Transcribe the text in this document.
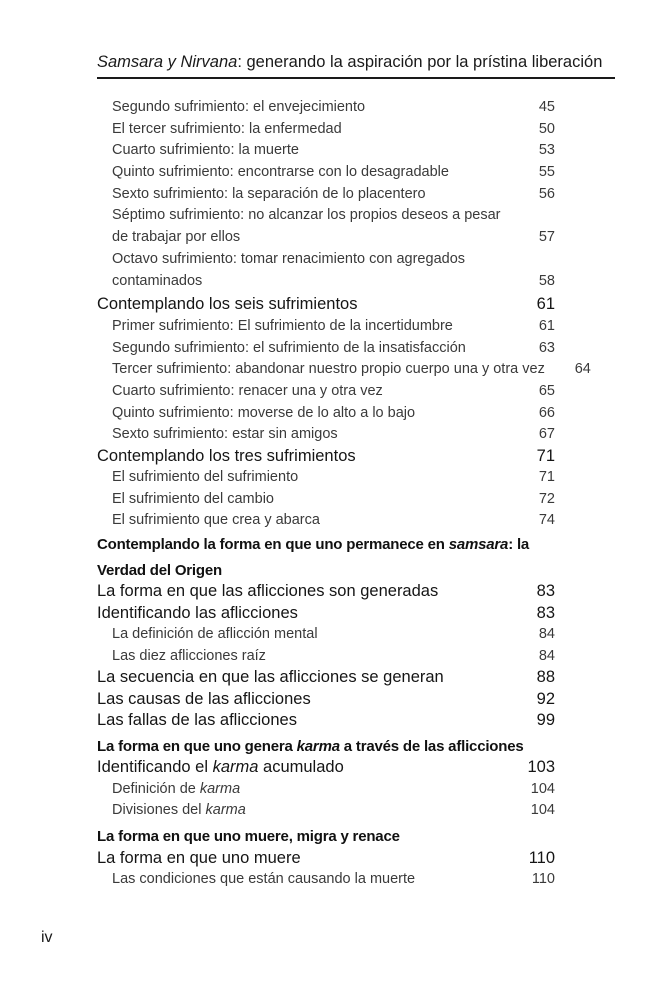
Samsara y Nirvana: generando la aspiración por la prístina liberación
Segundo sufrimiento: el envejecimiento	45
El tercer sufrimiento: la enfermedad	50
Cuarto sufrimiento: la muerte	53
Quinto sufrimiento: encontrarse con lo desagradable	55
Sexto sufrimiento: la separación de lo placentero	56
Séptimo sufrimiento: no alcanzar los propios deseos a pesar de trabajar por ellos	57
Octavo sufrimiento: tomar renacimiento con agregados contaminados	58
Contemplando los seis sufrimientos	61
Primer sufrimiento: El sufrimiento de la incertidumbre	61
Segundo sufrimiento: el sufrimiento de la insatisfacción	63
Tercer sufrimiento: abandonar nuestro propio cuerpo una y otra vez	64
Cuarto sufrimiento: renacer una y otra vez	65
Quinto sufrimiento: moverse de lo alto a lo bajo	66
Sexto sufrimiento: estar sin amigos	67
Contemplando los tres sufrimientos	71
El sufrimiento del sufrimiento	71
El sufrimiento del cambio	72
El sufrimiento que crea y abarca	74
Contemplando la forma en que uno permanece en samsara: la Verdad del Origen
La forma en que las aflicciones son generadas	83
Identificando las aflicciones	83
La definición de aflicción mental	84
Las diez aflicciones raíz	84
La secuencia en que las aflicciones se generan	88
Las causas de las aflicciones	92
Las fallas de las aflicciones	99
La forma en que uno genera karma a través de las aflicciones
Identificando el karma acumulado	103
Definición de karma	104
Divisiones del karma	104
La forma en que uno muere, migra y renace
La forma en que uno muere	110
Las condiciones que están causando la muerte	110
iv
